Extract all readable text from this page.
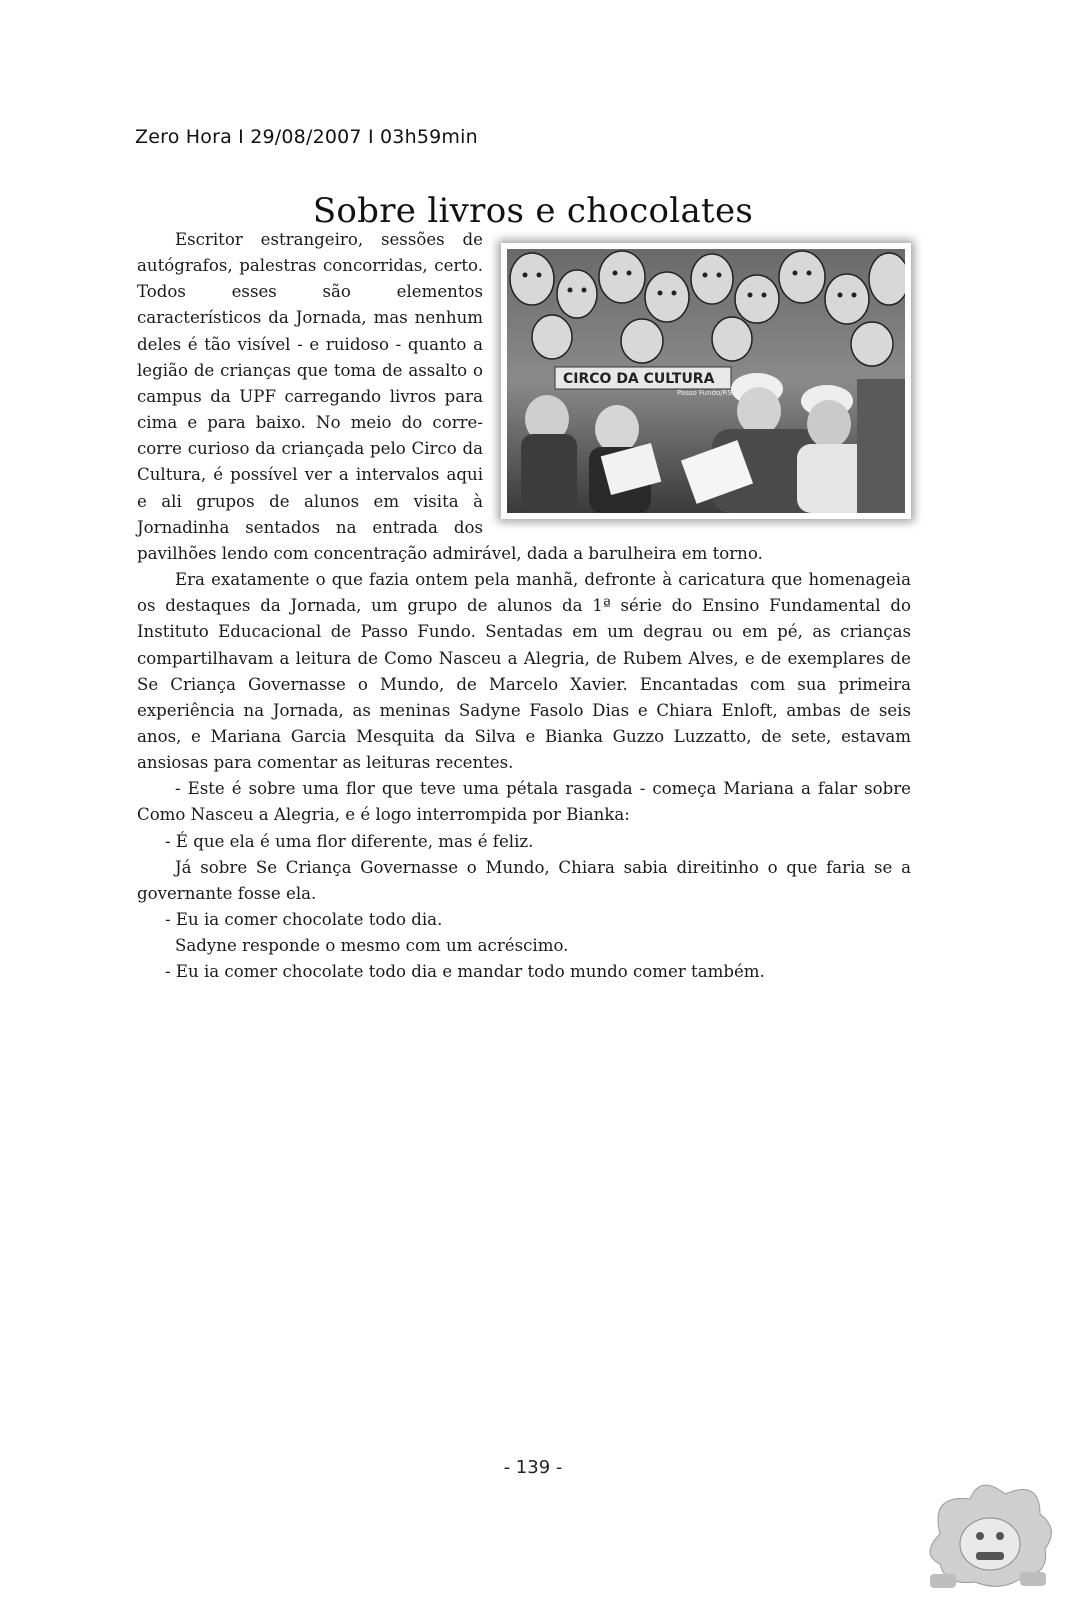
Zero Hora I 29/08/2007 I 03h59min
Sobre livros e chocolates
CIRCO DA CULTURA
Passo Fundo/RS

Escritor estrangeiro, sessões de autógrafos, palestras concorridas, certo. Todos esses são elementos característicos da Jornada, mas nenhum deles é tão visível - e ruidoso - quanto a legião de crianças que toma de assalto o campus da UPF carregando livros para cima e para baixo. No meio do corre-corre curioso da criançada pelo Circo da Cultura, é possível ver a intervalos aqui e ali grupos de alunos em visita à Jornadinha sentados na entrada dos pavilhões lendo com concentração admirável, dada a barulheira em torno.

Era exatamente o que fazia ontem pela manhã, defronte à caricatura que homenageia os destaques da Jornada, um grupo de alunos da 1ª série do Ensino Fundamental do Instituto Educacional de Passo Fundo. Sentadas em um degrau ou em pé, as crianças compartilhavam a leitura de Como Nasceu a Alegria, de Rubem Alves, e de exemplares de Se Criança Governasse o Mundo, de Marcelo Xavier. Encantadas com sua primeira experiência na Jornada, as meninas Sadyne Fasolo Dias e Chiara Enloft, ambas de seis anos, e Mariana Garcia Mesquita da Silva e Bianka Guzzo Luzzatto, de sete, estavam ansiosas para comentar as leituras recentes.

- Este é sobre uma flor que teve uma pétala rasgada - começa Mariana a falar sobre Como Nasceu a Alegria, e é logo interrompida por Bianka:

- É que ela é uma flor diferente, mas é feliz.

Já sobre Se Criança Governasse o Mundo, Chiara sabia direitinho o que faria se a governante fosse ela.

- Eu ia comer chocolate todo dia.

Sadyne responde o mesmo com um acréscimo.

- Eu ia comer chocolate todo dia e mandar todo mundo comer também.

- 139 -
